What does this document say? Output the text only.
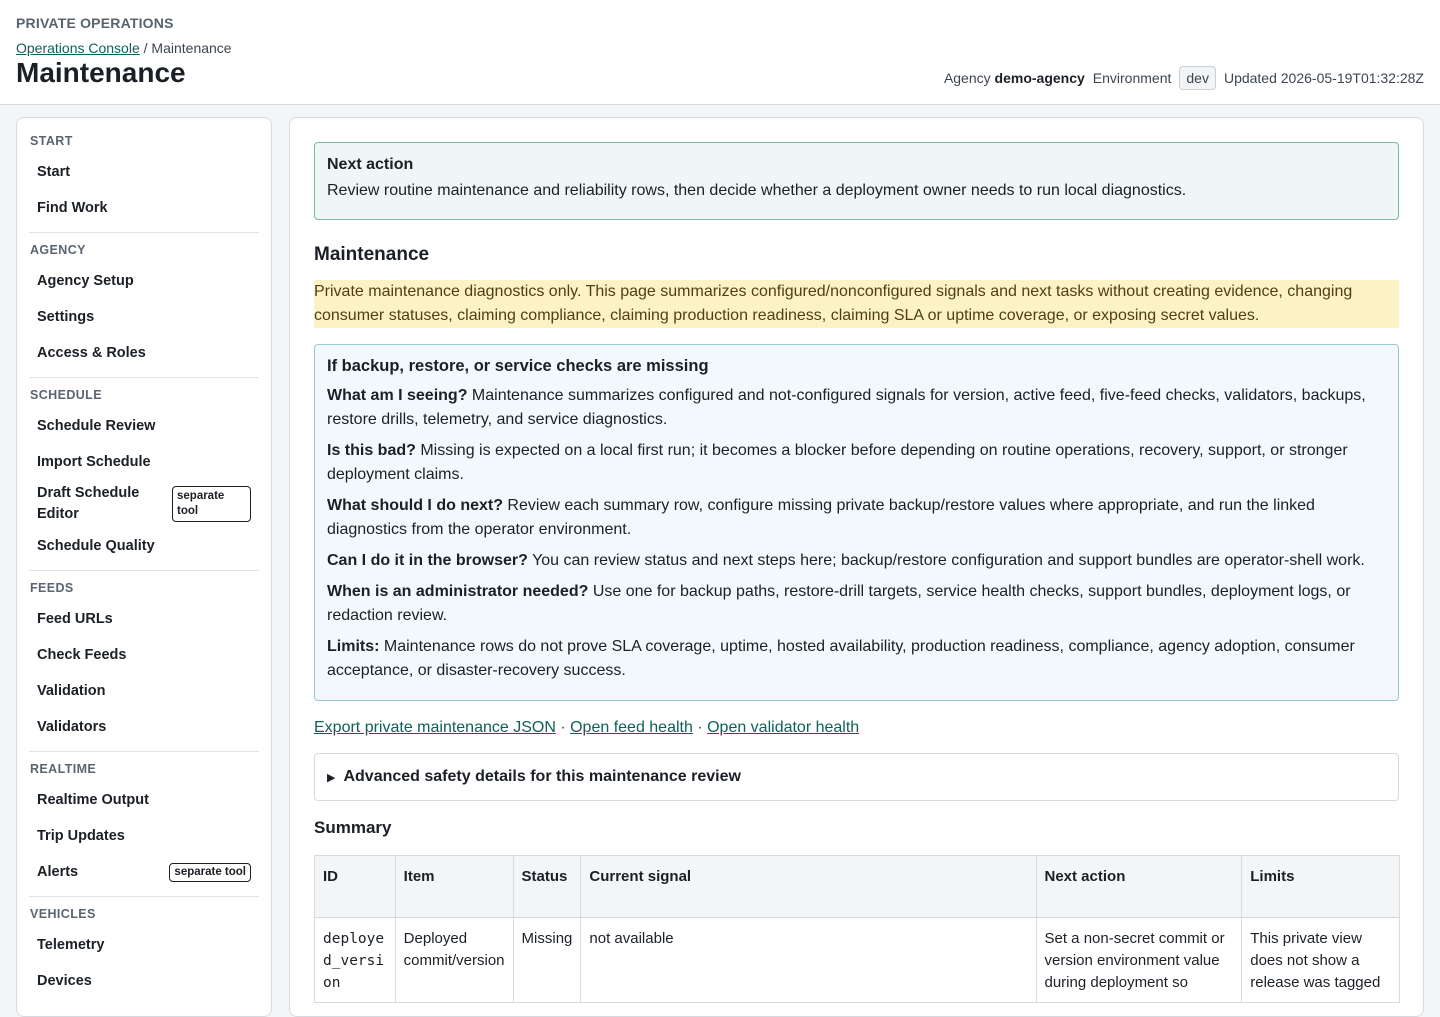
PRIVATE OPERATIONS
Operations Console / Maintenance
Maintenance	Agency demo-agency Environment	dev	Updated 2026-05-19T01:32:28Z
START
Start
Find Work
AGENCY
Agency Setup
Settings
Access & Roles
SCHEDULE
Schedule Review
Import Schedule
Draft Schedule Editor
separate tool
Schedule Quality
FEEDS
Feed URLs
Check Feeds
Validation
Validators
REALTIME
Realtime Output
Trip Updates
Alerts	separate tool
VEHICLES
Telemetry
Devices
Next action

Review routine maintenance and reliability rows, then decide whether a deployment owner needs to run local diagnostics.

Maintenance
Private maintenance diagnostics only. This page summarizes configured/nonconfigured signals and next tasks without creating evidence, changing consumer statuses, claiming compliance, claiming production readiness, claiming SLA or uptime coverage, or exposing secret values.
If backup, restore, or service checks are missing

What am I seeing? Maintenance summarizes configured and not-configured signals for version, active feed, five-feed checks, validators, backups, restore drills, telemetry, and service diagnostics.

Is this bad? Missing is expected on a local first run; it becomes a blocker before depending on routine operations, recovery, support, or stronger deployment claims.

What should I do next? Review each summary row, configure missing private backup/restore values where appropriate, and run the linked diagnostics from the operator environment.

Can I do it in the browser? You can review status and next steps here; backup/restore configuration and support bundles are operator-shell work.

When is an administrator needed? Use one for backup paths, restore-drill targets, service health checks, support bundles, deployment logs, or redaction review.

Limits: Maintenance rows do not prove SLA coverage, uptime, hosted availability, production readiness, compliance, agency adoption, consumer acceptance, or disaster-recovery success.

Export private maintenance JSON · Open feed health · Open validator health
▶ Advanced safety details for this maintenance review
Summary
ID	Item	Status	Current signal	Next action	Limits
deployed_version	Deployed commit/version	Missing	not available	Set a non-secret commit or version environment value during deployment so	This private view does not show a release was tagged
